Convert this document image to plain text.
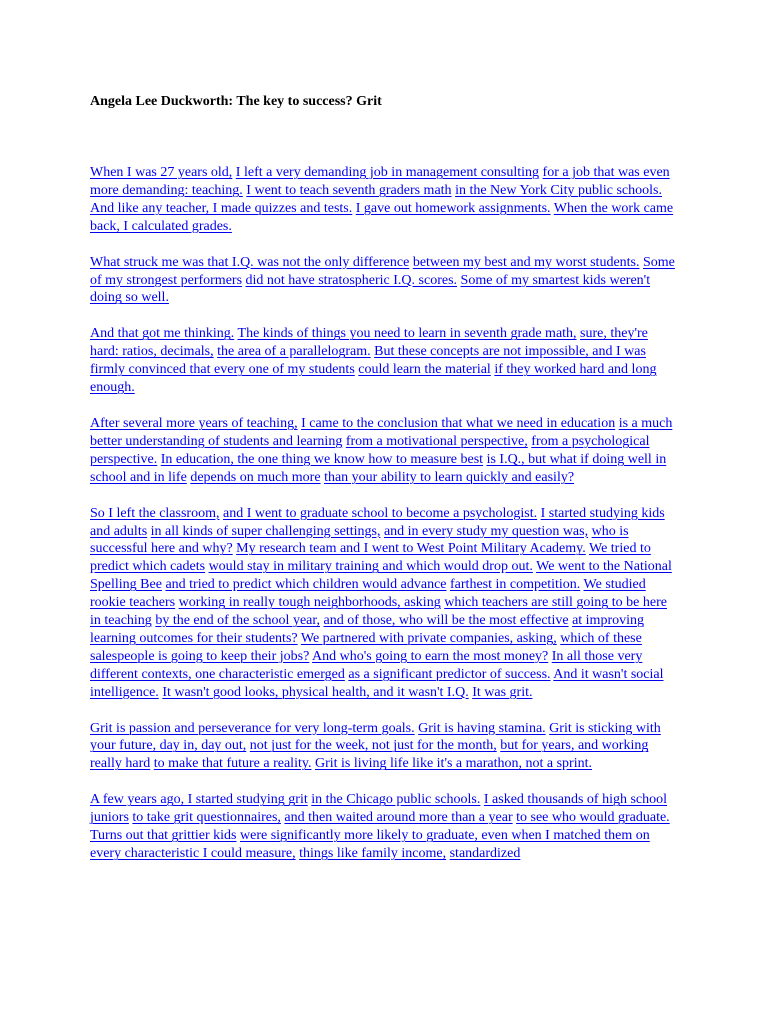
Angela Lee Duckworth: The key to success? Grit

When I was 27 years old, I left a very demanding job in management consulting for a job that was even more demanding: teaching. I went to teach seventh graders math in the New York City public schools. And like any teacher, I made quizzes and tests. I gave out homework assignments. When the work came back, I calculated grades.

What struck me was that I.Q. was not the only difference between my best and my worst students. Some of my strongest performers did not have stratospheric I.Q. scores. Some of my smartest kids weren't doing so well.

And that got me thinking. The kinds of things you need to learn in seventh grade math, sure, they're hard: ratios, decimals, the area of a parallelogram. But these concepts are not impossible, and I was firmly convinced that every one of my students could learn the material if they worked hard and long enough.

After several more years of teaching, I came to the conclusion that what we need in education is a much better understanding of students and learning from a motivational perspective, from a psychological perspective. In education, the one thing we know how to measure best is I.Q., but what if doing well in school and in life depends on much more than your ability to learn quickly and easily?

So I left the classroom, and I went to graduate school to become a psychologist. I started studying kids and adults in all kinds of super challenging settings, and in every study my question was, who is successful here and why? My research team and I went to West Point Military Academy. We tried to predict which cadets would stay in military training and which would drop out. We went to the National Spelling Bee and tried to predict which children would advance farthest in competition. We studied rookie teachers working in really tough neighborhoods, asking which teachers are still going to be here in teaching by the end of the school year, and of those, who will be the most effective at improving learning outcomes for their students? We partnered with private companies, asking, which of these salespeople is going to keep their jobs? And who's going to earn the most money? In all those very different contexts, one characteristic emerged as a significant predictor of success. And it wasn't social intelligence. It wasn't good looks, physical health, and it wasn't I.Q. It was grit.

Grit is passion and perseverance for very long-term goals. Grit is having stamina. Grit is sticking with your future, day in, day out, not just for the week, not just for the month, but for years, and working really hard to make that future a reality. Grit is living life like it's a marathon, not a sprint.

A few years ago, I started studying grit in the Chicago public schools. I asked thousands of high school juniors to take grit questionnaires, and then waited around more than a year to see who would graduate. Turns out that grittier kids were significantly more likely to graduate, even when I matched them on every characteristic I could measure, things like family income, standardized
